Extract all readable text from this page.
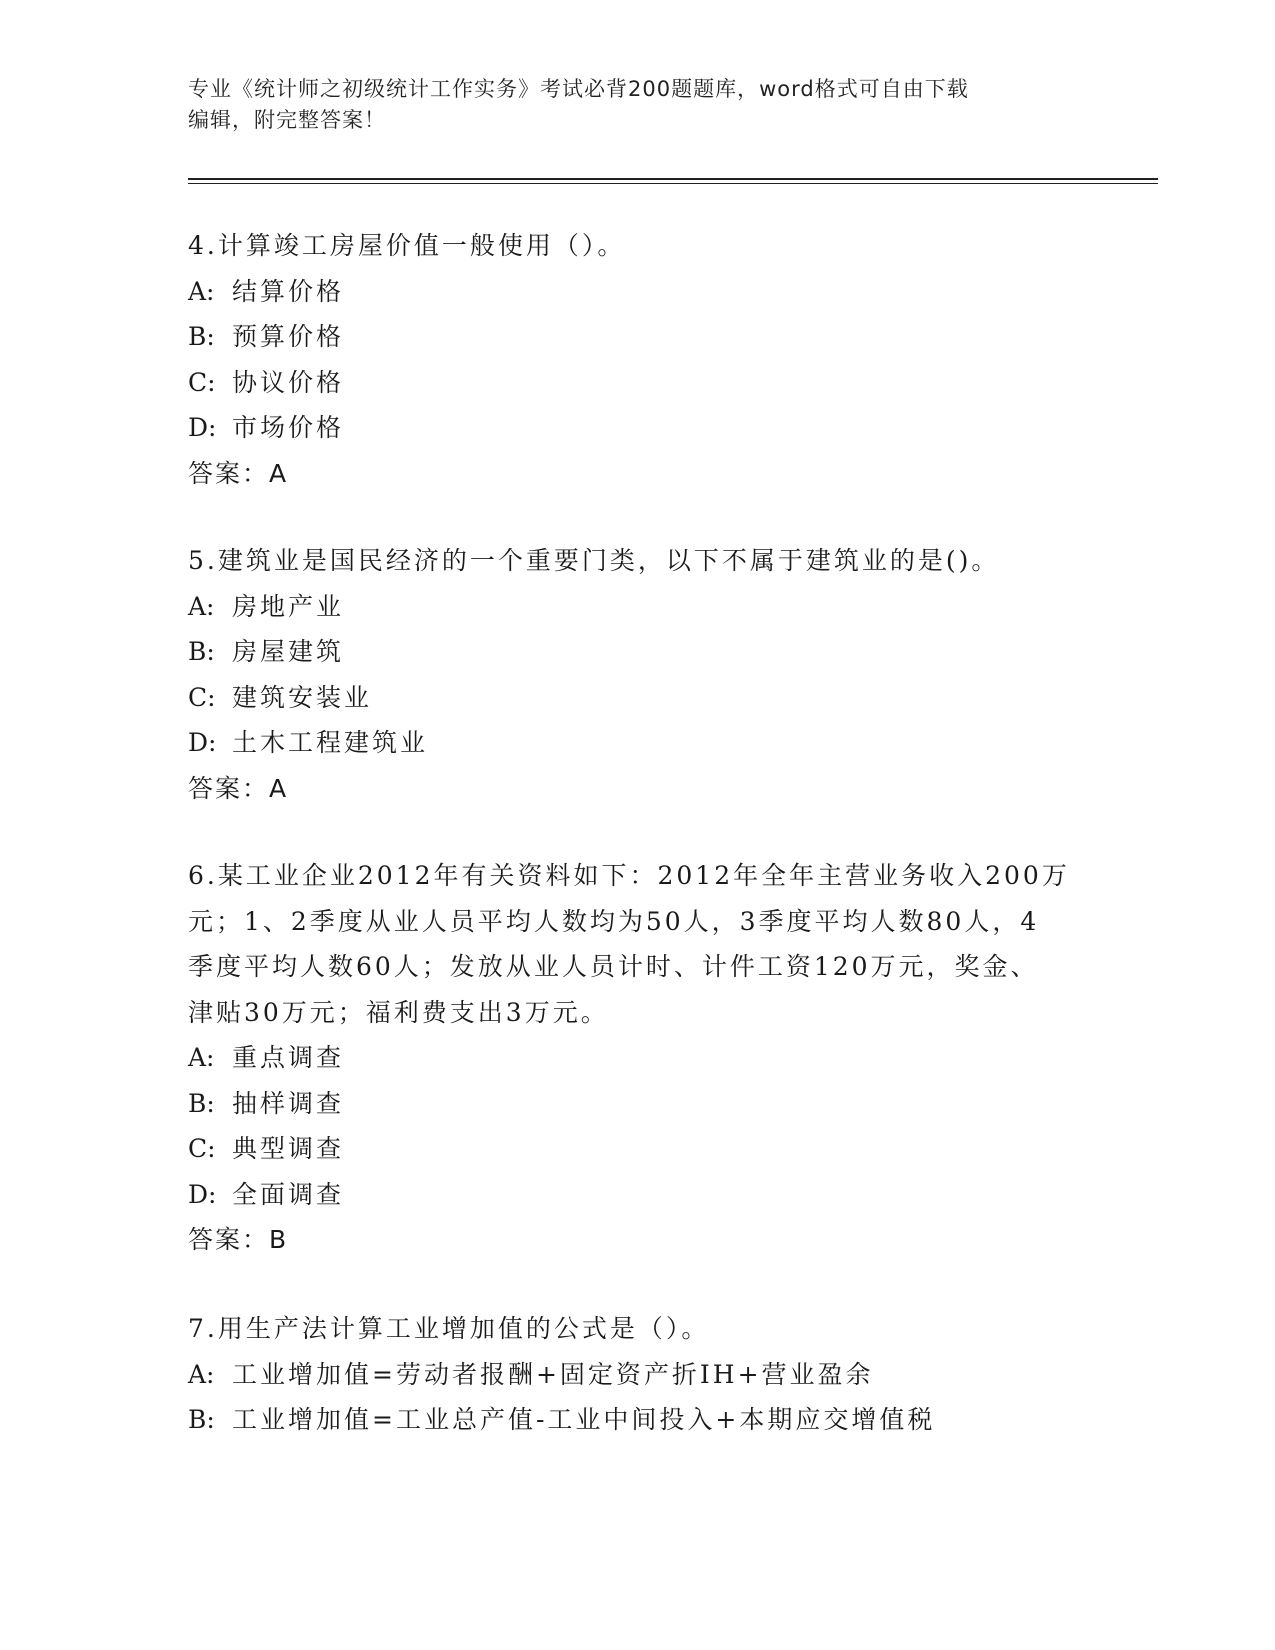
专业《统计师之初级统计工作实务》考试必背200题题库，word格式可自由下载
编辑，附完整答案！
4.计算竣工房屋价值一般使用（）。
A: 结算价格
B: 预算价格
C: 协议价格
D: 市场价格
答案：A
5.建筑业是国民经济的一个重要门类，以下不属于建筑业的是()。
A: 房地产业
B: 房屋建筑
C: 建筑安装业
D: 土木工程建筑业
答案：A
6.某工业企业2012年有关资料如下：2012年全年主营业务收入200万
元；1、2季度从业人员平均人数均为50人，3季度平均人数80人，4
季度平均人数60人；发放从业人员计时、计件工资120万元，奖金、
津贴30万元；福利费支出3万元。
A: 重点调查
B: 抽样调查
C: 典型调查
D: 全面调查
答案：B
7.用生产法计算工业增加值的公式是（）。
A: 工业增加值=劳动者报酬+固定资产折IH+营业盈余
B: 工业增加值=工业总产值-工业中间投入+本期应交增值税
